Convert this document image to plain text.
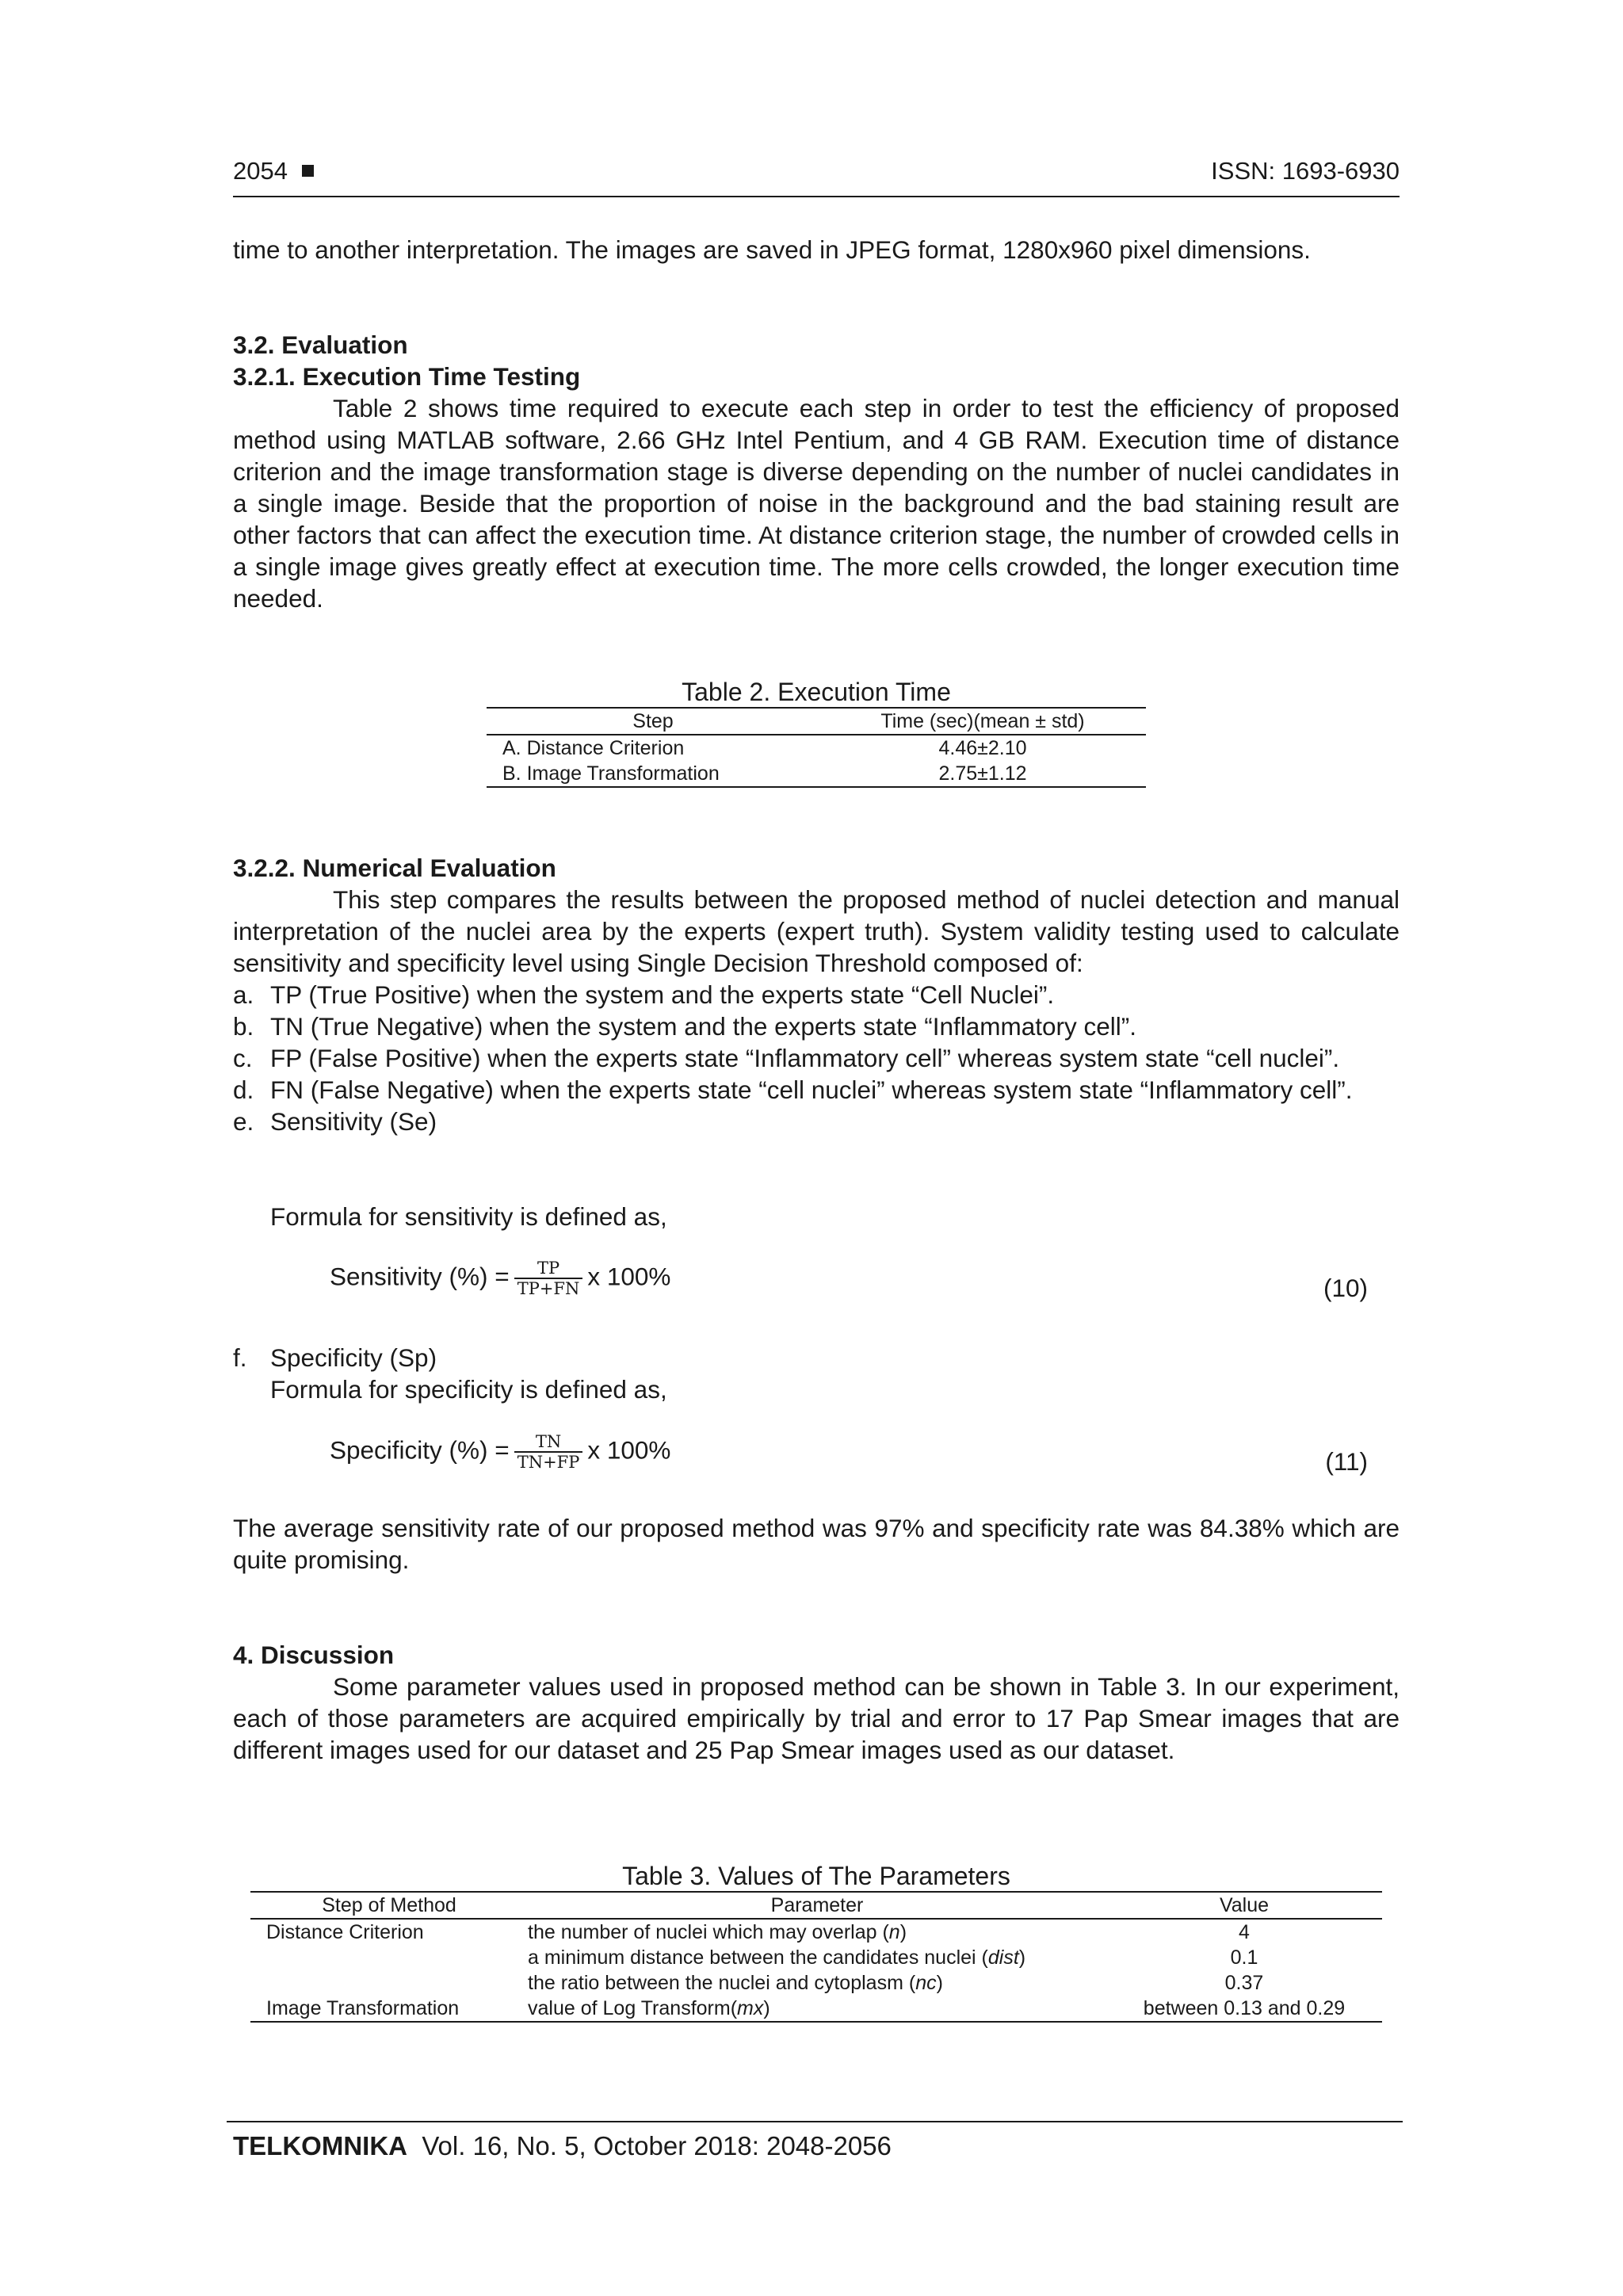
2054	ISSN: 1693-6930

time to another interpretation. The images are saved in JPEG format, 1280x960 pixel dimensions.

3.2. Evaluation

3.2.1. Execution Time Testing

Table 2 shows time required to execute each step in order to test the efficiency of proposed method using MATLAB software, 2.66 GHz Intel Pentium, and 4 GB RAM. Execution time of distance criterion and the image transformation stage is diverse depending on the number of nuclei candidates in a single image. Beside that the proportion of noise in the background and the bad staining result are other factors that can affect the execution time. At distance criterion stage, the number of crowded cells in a single image gives greatly effect at execution time. The more cells crowded, the longer execution time needed.

Table 2. Execution Time
Step	Time (sec)(mean ± std)
A. Distance Criterion	4.46±2.10
B. Image Transformation	2.75±1.12

3.2.2. Numerical Evaluation

This step compares the results between the proposed method of nuclei detection and manual interpretation of the nuclei area by the experts (expert truth). System validity testing used to calculate sensitivity and specificity level using Single Decision Threshold composed of:

a. TP (True Positive) when the system and the experts state “Cell Nuclei”.
b. TN (True Negative) when the system and the experts state “Inflammatory cell”.
c. FP (False Positive) when the experts state “Inflammatory cell” whereas system state “cell nuclei”.
d. FN (False Negative) when the experts state “cell nuclei” whereas system state “Inflammatory cell”.
e. Sensitivity (Se)
Formula for sensitivity is defined as,
Sensitivity (%) = $\frac{TP}{TP+FN}$ x 100%	(10)
f. Specificity (Sp)
Formula for specificity is defined as,
Specificity (%) = $\frac{TN}{TN+FP}$ x 100%	(11)

The average sensitivity rate of our proposed method was 97% and specificity rate was 84.38% which are quite promising.

4. Discussion

Some parameter values used in proposed method can be shown in Table 3. In our experiment, each of those parameters are acquired empirically by trial and error to 17 Pap Smear images that are different images used for our dataset and 25 Pap Smear images used as our dataset.

Table 3. Values of The Parameters
Step of Method	Parameter	Value
Distance Criterion	the number of nuclei which may overlap (n)	4
	a minimum distance between the candidates nuclei (dist)	0.1
	the ratio between the nuclei and cytoplasm (nc)	0.37
Image Transformation	value of Log Transform(mx)	between 0.13 and 0.29
TELKOMNIKA Vol. 16, No. 5, October 2018: 2048-2056
